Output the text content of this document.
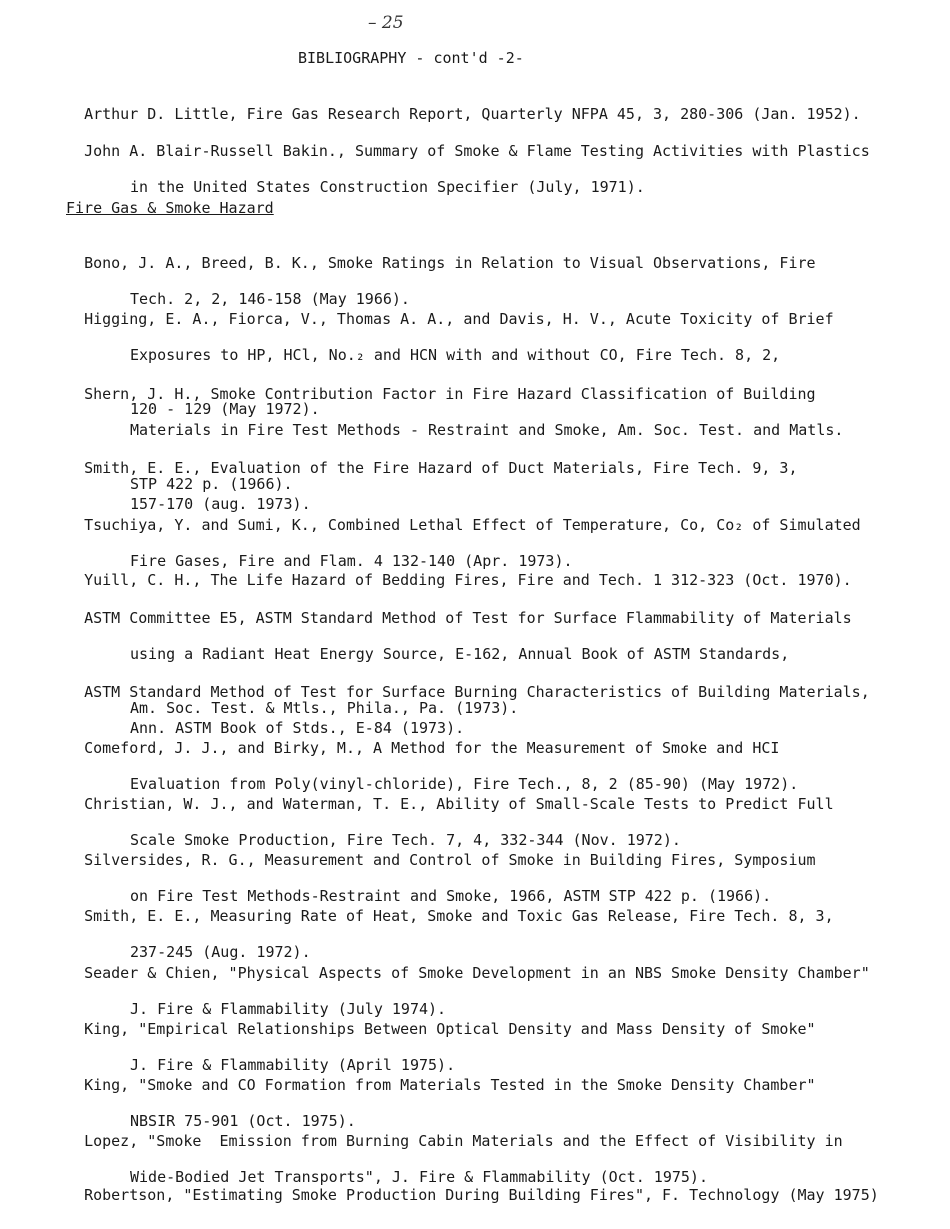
– 25
BIBLIOGRAPHY - cont'd -2-

Arthur D. Little, Fire Gas Research Report, Quarterly NFPA 45, 3, 280-306 (Jan. 1952).

John A. Blair-Russell Bakin., Summary of Smoke & Flame Testing Activities with Plastics

in the United States Construction Specifier (July, 1971).

Fire Gas & Smoke Hazard

Bono, J. A., Breed, B. K., Smoke Ratings in Relation to Visual Observations, Fire

Tech. 2, 2, 146-158 (May 1966).

Higging, E. A., Fiorca, V., Thomas A. A., and Davis, H. V., Acute Toxicity of Brief

Exposures to HP, HCl, No.₂ and HCN with and without CO, Fire Tech. 8, 2,

120 - 129 (May 1972).

Shern, J. H., Smoke Contribution Factor in Fire Hazard Classification of Building

Materials in Fire Test Methods - Restraint and Smoke, Am. Soc. Test. and Matls.

STP 422 p. (1966).

Smith, E. E., Evaluation of the Fire Hazard of Duct Materials, Fire Tech. 9, 3,

157-170 (aug. 1973).

Tsuchiya, Y. and Sumi, K., Combined Lethal Effect of Temperature, Co, Co₂ of Simulated

Fire Gases, Fire and Flam. 4 132-140 (Apr. 1973).

Yuill, C. H., The Life Hazard of Bedding Fires, Fire and Tech. 1 312-323 (Oct. 1970).

ASTM Committee E5, ASTM Standard Method of Test for Surface Flammability of Materials

using a Radiant Heat Energy Source, E-162, Annual Book of ASTM Standards,

Am. Soc. Test. & Mtls., Phila., Pa. (1973).

ASTM Standard Method of Test for Surface Burning Characteristics of Building Materials,

Ann. ASTM Book of Stds., E-84 (1973).

Comeford, J. J., and Birky, M., A Method for the Measurement of Smoke and HCI

Evaluation from Poly(vinyl-chloride), Fire Tech., 8, 2 (85-90) (May 1972).

Christian, W. J., and Waterman, T. E., Ability of Small-Scale Tests to Predict Full

Scale Smoke Production, Fire Tech. 7, 4, 332-344 (Nov. 1972).

Silversides, R. G., Measurement and Control of Smoke in Building Fires, Symposium

on Fire Test Methods-Restraint and Smoke, 1966, ASTM STP 422 p. (1966).

Smith, E. E., Measuring Rate of Heat, Smoke and Toxic Gas Release, Fire Tech. 8, 3,

237-245 (Aug. 1972).

Seader & Chien, "Physical Aspects of Smoke Development in an NBS Smoke Density Chamber"

J. Fire & Flammability (July 1974).

King, "Empirical Relationships Between Optical Density and Mass Density of Smoke"

J. Fire & Flammability (April 1975).

King, "Smoke and CO Formation from Materials Tested in the Smoke Density Chamber"

NBSIR 75-901 (Oct. 1975).

Lopez, "Smoke  Emission from Burning Cabin Materials and the Effect of Visibility in

Wide-Bodied Jet Transports", J. Fire & Flammability (Oct. 1975).

Robertson, "Estimating Smoke Production During Building Fires", F. Technology (May 1975)
